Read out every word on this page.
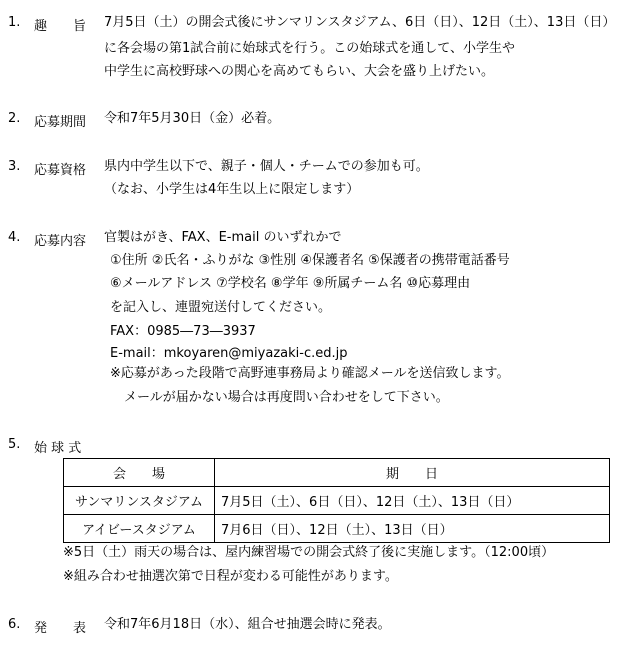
1. 趣　　旨 7月5日（土）の開会式後にサンマリンスタジアム、6日（日）、12日（土）、13日（日）
に各会場の第1試合前に始球式を行う。この始球式を通して、小学生や
中学生に高校野球への関心を高めてもらい、大会を盛り上げたい。
2. 応募期間 令和7年5月30日（金）必着。
3. 応募資格 県内中学生以下で、親子・個人・チームでの参加も可。
（なお、小学生は4年生以上に限定します）
4. 応募内容 官製はがき、FAX、E-mail のいずれかで
①住所 ②氏名・ふりがな ③性別 ④保護者名 ⑤保護者の携帯電話番号
⑥メールアドレス ⑦学校名 ⑧学年 ⑨所属チーム名 ⑩応募理由
を記入し、連盟宛送付してください。
FAX：0985―73―3937
E-mail：mkoyaren@miyazaki-c.ed.jp
※応募があった段階で高野連事務局より確認メールを送信致します。
メールが届かない場合は再度問い合わせをして下さい。
5. 始 球 式
会　　場	期　　日
サンマリンスタジアム	7月5日（土）、6日（日）、12日（土）、13日（日）
アイビースタジアム	7月6日（日）、12日（土）、13日（日）
※5日（土）雨天の場合は、屋内練習場での開会式終了後に実施します。（12:00頃）
※組み合わせ抽選次第で日程が変わる可能性があります。
6. 発　　表 令和7年6月18日（水）、組合せ抽選会時に発表。
